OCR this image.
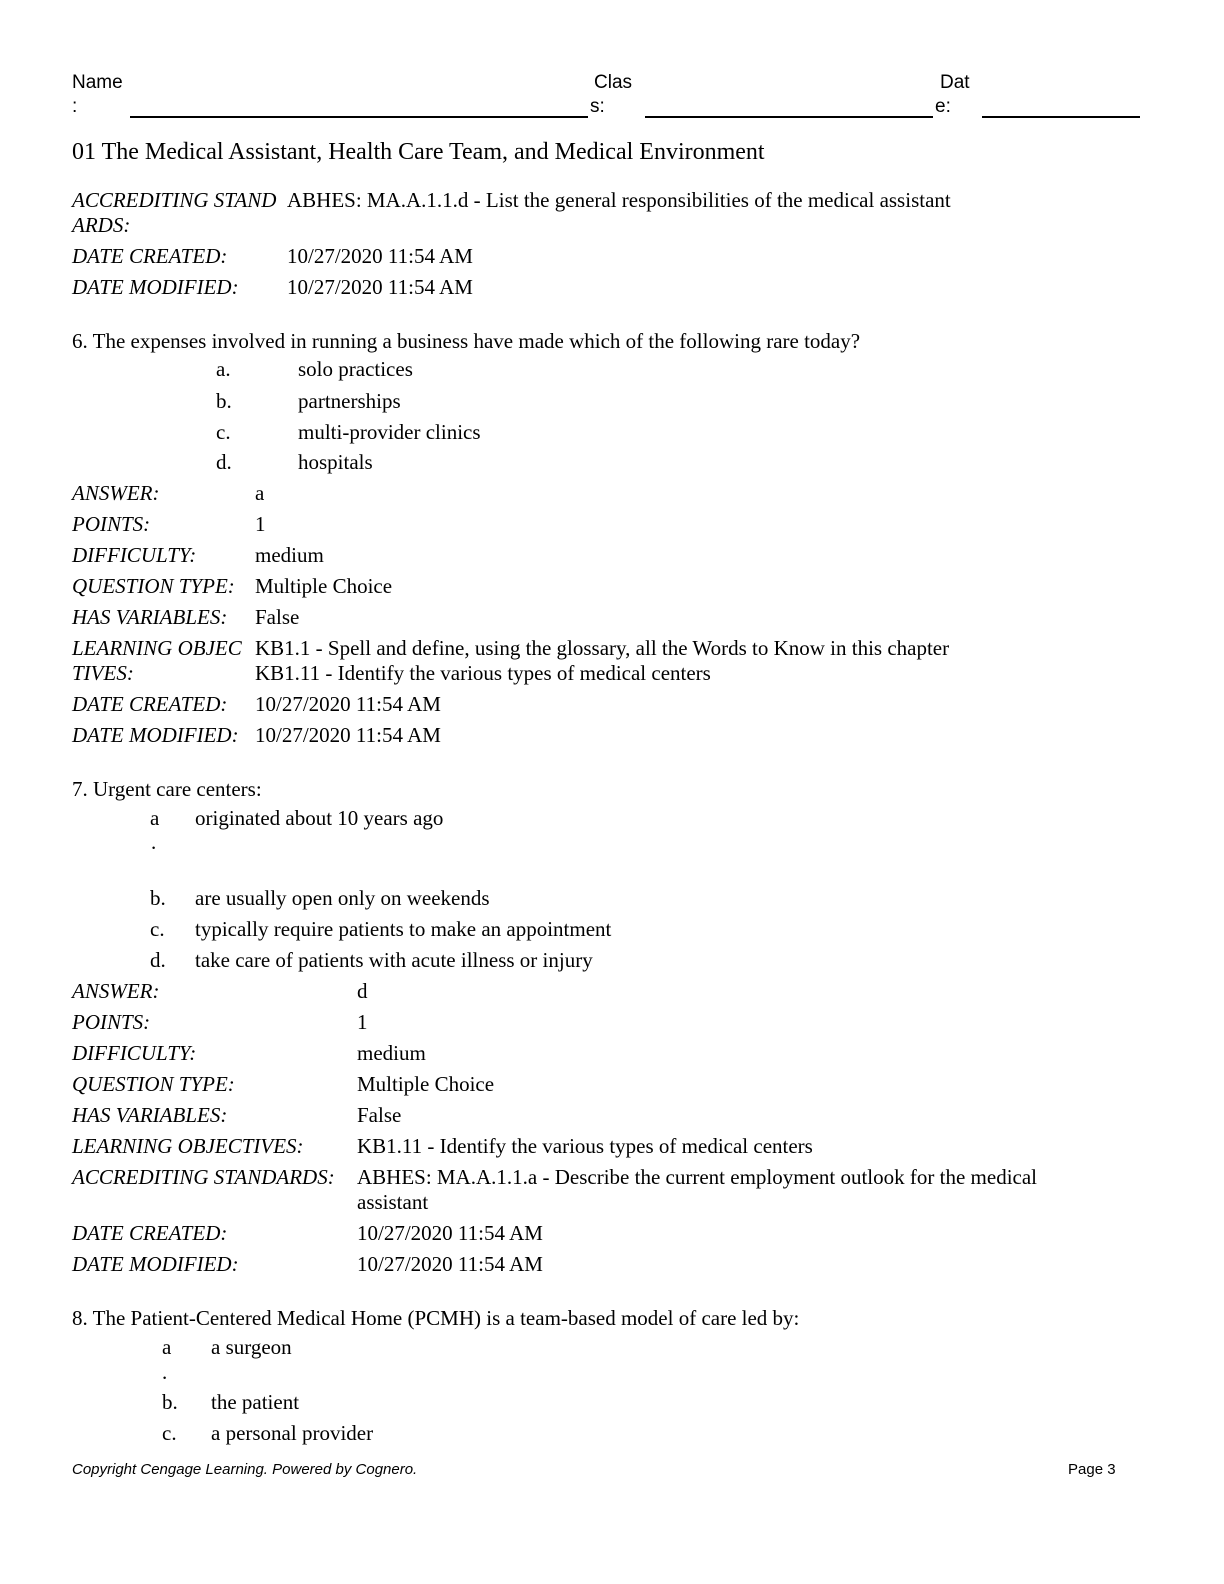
Name
:
Clas
s:
Dat
e:
01 The Medical Assistant, Health Care Team, and Medical Environment
ACCREDITING STAND
ARDS:
ABHES: MA.A.1.1.d - List the general responsibilities of the medical assistant
DATE CREATED:	10/27/2020 11:54 AM
DATE MODIFIED: 10/27/2020 11:54 AM
6. The expenses involved in running a business have made which of the following rare today?
a.	solo practices
b.	partnerships
c.	multi-provider clinics
d.	hospitals
ANSWER:	a
POINTS:	1
DIFFICULTY:	medium
QUESTION TYPE: Multiple Choice
HAS VARIABLES: False
LEARNING OBJEC
TIVES:
KB1.1 - Spell and define, using the glossary, all the Words to Know in this chapter
KB1.11 - Identify the various types of medical centers
DATE CREATED: 10/27/2020 11:54 AM
DATE MODIFIED: 10/27/2020 11:54 AM
7. Urgent care centers:
a
.
originated about 10 years ago
b. are usually open only on weekends
c. typically require patients to make an appointment
d. take care of patients with acute illness or injury
ANSWER:	d
POINTS:	1
DIFFICULTY:	medium
QUESTION TYPE:	Multiple Choice
HAS VARIABLES:	False
LEARNING OBJECTIVES:	KB1.11 - Identify the various types of medical centers
ACCREDITING STANDARDS: ABHES: MA.A.1.1.a - Describe the current employment outlook for the medical assistant
DATE CREATED:	10/27/2020 11:54 AM
DATE MODIFIED:	10/27/2020 11:54 AM
8. The Patient-Centered Medical Home (PCMH) is a team-based model of care led by:
a
.
a surgeon
b. the patient
c. a personal provider
Copyright Cengage Learning. Powered by Cognero.	Page 3
